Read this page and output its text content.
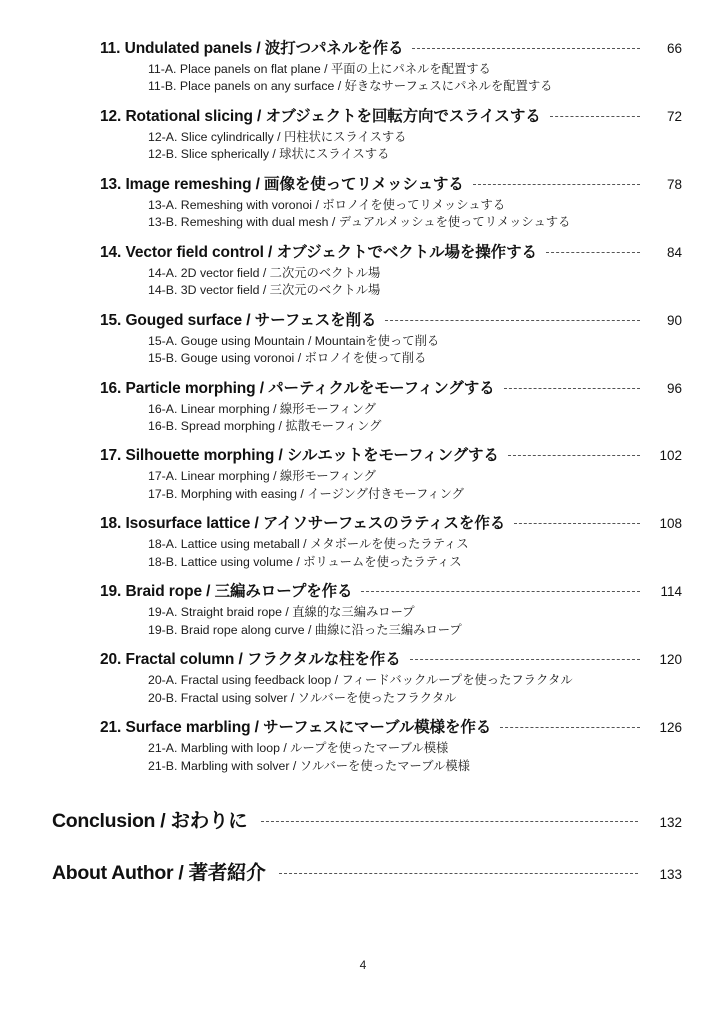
11. Undulated panels / 波打つパネルを作る	66
11-A. Place panels on flat plane / 平面の上にパネルを配置する
11-B. Place panels on any surface / 好きなサーフェスにパネルを配置する
12. Rotational slicing / オブジェクトを回転方向でスライスする	72
12-A. Slice cylindrically / 円柱状にスライスする
12-B. Slice spherically / 球状にスライスする
13. Image remeshing / 画像を使ってリメッシュする	78
13-A. Remeshing with voronoi / ボロノイを使ってリメッシュする
13-B. Remeshing with dual mesh / デュアルメッシュを使ってリメッシュする
14. Vector field control / オブジェクトでベクトル場を操作する	84
14-A. 2D vector field / 二次元のベクトル場
14-B. 3D vector field / 三次元のベクトル場
15. Gouged surface / サーフェスを削る	90
15-A. Gouge using Mountain / Mountainを使って削る
15-B. Gouge using voronoi / ボロノイを使って削る
16. Particle morphing / パーティクルをモーフィングする	96
16-A. Linear morphing / 線形モーフィング
16-B. Spread morphing / 拡散モーフィング
17. Silhouette morphing / シルエットをモーフィングする	102
17-A. Linear morphing / 線形モーフィング
17-B. Morphing with easing / イージング付きモーフィング
18. Isosurface lattice / アイソサーフェスのラティスを作る	108
18-A. Lattice using metaball / メタボールを使ったラティス
18-B. Lattice using volume / ボリュームを使ったラティス
19. Braid rope / 三編みロープを作る	114
19-A. Straight braid rope / 直線的な三編みロープ
19-B. Braid rope along curve / 曲線に沿った三編みロープ
20. Fractal column / フラクタルな柱を作る	120
20-A. Fractal using feedback loop / フィードバックループを使ったフラクタル
20-B. Fractal using solver / ソルバーを使ったフラクタル
21. Surface marbling / サーフェスにマーブル模様を作る	126
21-A. Marbling with loop / ループを使ったマーブル模様
21-B. Marbling with solver / ソルバーを使ったマーブル模様
Conclusion / おわりに	132
About Author / 著者紹介	133
4
